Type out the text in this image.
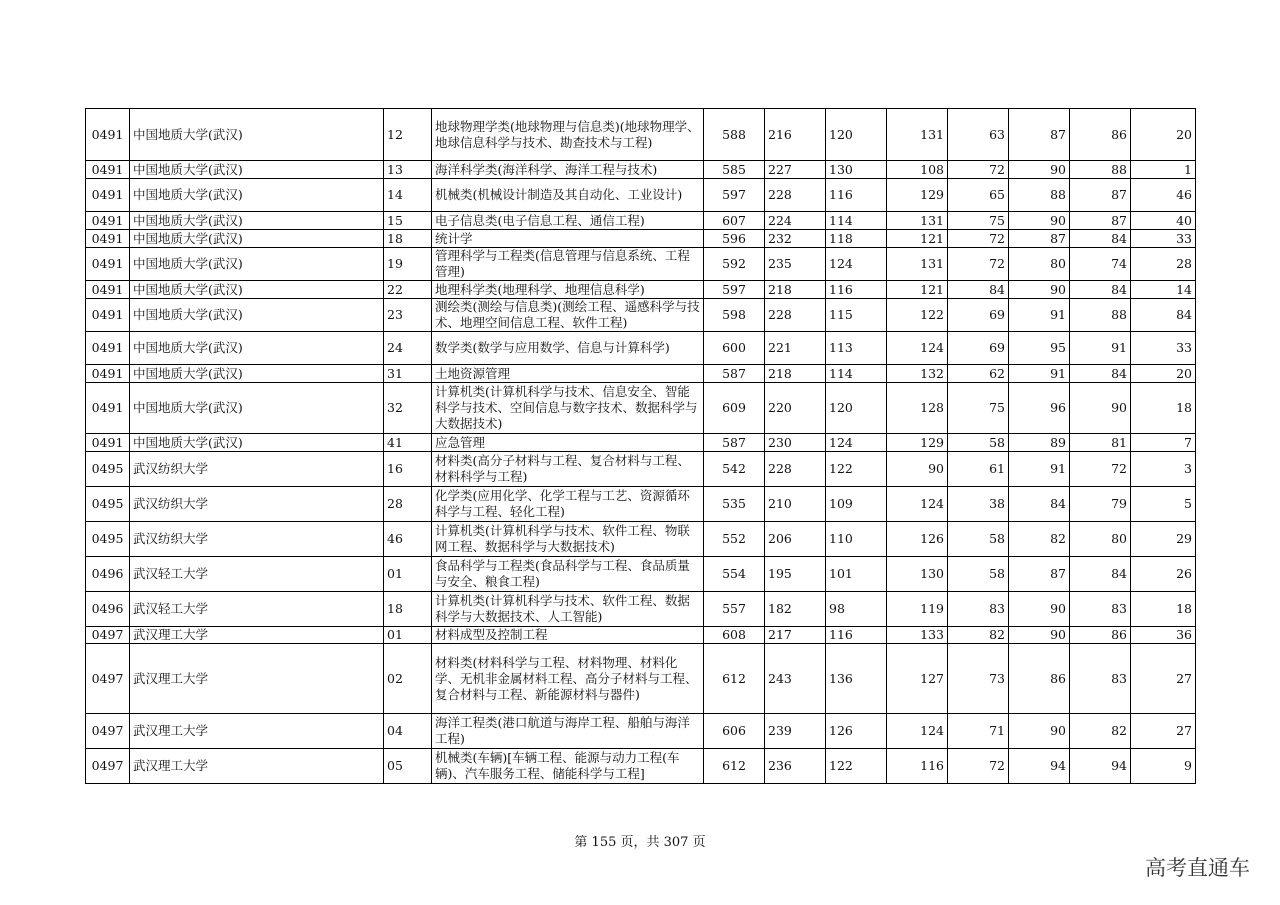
0491	中国地质大学(武汉)	12	地球物理学类(地球物理与信息类)(地球物理学、地球信息科学与技术、勘查技术与工程)	588	216	120	131	63	87	86	20
0491	中国地质大学(武汉)	13	海洋科学类(海洋科学、海洋工程与技术)	585	227	130	108	72	90	88	1
0491	中国地质大学(武汉)	14	机械类(机械设计制造及其自动化、工业设计)	597	228	116	129	65	88	87	46
0491	中国地质大学(武汉)	15	电子信息类(电子信息工程、通信工程)	607	224	114	131	75	90	87	40
0491	中国地质大学(武汉)	18	统计学	596	232	118	121	72	87	84	33
0491	中国地质大学(武汉)	19	管理科学与工程类(信息管理与信息系统、工程管理)	592	235	124	131	72	80	74	28
0491	中国地质大学(武汉)	22	地理科学类(地理科学、地理信息科学)	597	218	116	121	84	90	84	14
0491	中国地质大学(武汉)	23	测绘类(测绘与信息类)(测绘工程、遥感科学与技术、地理空间信息工程、软件工程)	598	228	115	122	69	91	88	84
0491	中国地质大学(武汉)	24	数学类(数学与应用数学、信息与计算科学)	600	221	113	124	69	95	91	33
0491	中国地质大学(武汉)	31	土地资源管理	587	218	114	132	62	91	84	20
0491	中国地质大学(武汉)	32	计算机类(计算机科学与技术、信息安全、智能科学与技术、空间信息与数字技术、数据科学与大数据技术)	609	220	120	128	75	96	90	18
0491	中国地质大学(武汉)	41	应急管理	587	230	124	129	58	89	81	7
0495	武汉纺织大学	16	材料类(高分子材料与工程、复合材料与工程、材料科学与工程)	542	228	122	90	61	91	72	3
0495	武汉纺织大学	28	化学类(应用化学、化学工程与工艺、资源循环科学与工程、轻化工程)	535	210	109	124	38	84	79	5
0495	武汉纺织大学	46	计算机类(计算机科学与技术、软件工程、物联网工程、数据科学与大数据技术)	552	206	110	126	58	82	80	29
0496	武汉轻工大学	01	食品科学与工程类(食品科学与工程、食品质量与安全、粮食工程)	554	195	101	130	58	87	84	26
0496	武汉轻工大学	18	计算机类(计算机科学与技术、软件工程、数据科学与大数据技术、人工智能)	557	182	98	119	83	90	83	18
0497	武汉理工大学	01	材料成型及控制工程	608	217	116	133	82	90	86	36
0497	武汉理工大学	02	材料类(材料科学与工程、材料物理、材料化学、无机非金属材料工程、高分子材料与工程、复合材料与工程、新能源材料与器件)	612	243	136	127	73	86	83	27
0497	武汉理工大学	04	海洋工程类(港口航道与海岸工程、船舶与海洋工程)	606	239	126	124	71	90	82	27
0497	武汉理工大学	05	机械类(车辆)[车辆工程、能源与动力工程(车辆)、汽车服务工程、储能科学与工程]	612	236	122	116	72	94	94	9
第 155 页，共 307 页
高考直通车
